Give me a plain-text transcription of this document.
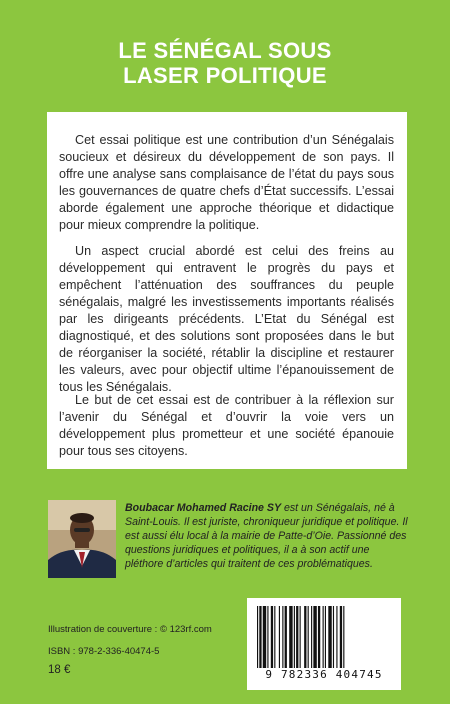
LE SÉNÉGAL SOUS
LASER POLITIQUE

Cet essai politique est une contribution d’un Sénégalais soucieux et désireux du développement de son pays. Il offre une analyse sans complaisance de l’état du pays sous les gouvernances de quatre chefs d’État successifs. L’essai aborde également une approche théorique et didactique pour mieux comprendre la politique.

Un aspect crucial abordé est celui des freins au développement qui entravent le progrès du pays et empêchent l’atténuation des souffrances du peuple sénégalais, malgré les investissements importants réalisés par les dirigeants précédents. L’Etat du Sénégal est diagnostiqué, et des solutions sont proposées dans le but de réorganiser la société, rétablir la discipline et restaurer les valeurs, avec pour objectif ultime l’épanouissement de tous les Sénégalais.

Le but de cet essai est de contribuer à la réflexion sur l’avenir du Sénégal et d’ouvrir la voie vers un développement plus prometteur et une société épanouie pour tous ses citoyens.

Boubacar Mohamed Racine SY est un Sénégalais, né à Saint-Louis. Il est juriste, chroniqueur juridique et politique. Il est aussi élu local à la mairie de Patte-d’Oie. Passionné des questions juridiques et politiques, il a à son actif une pléthore d’articles qui traitent de ces problématiques.

Illustration de couverture : © 123rf.com
ISBN : 978-2-336-40474-5
18 €	9 782336 404745
